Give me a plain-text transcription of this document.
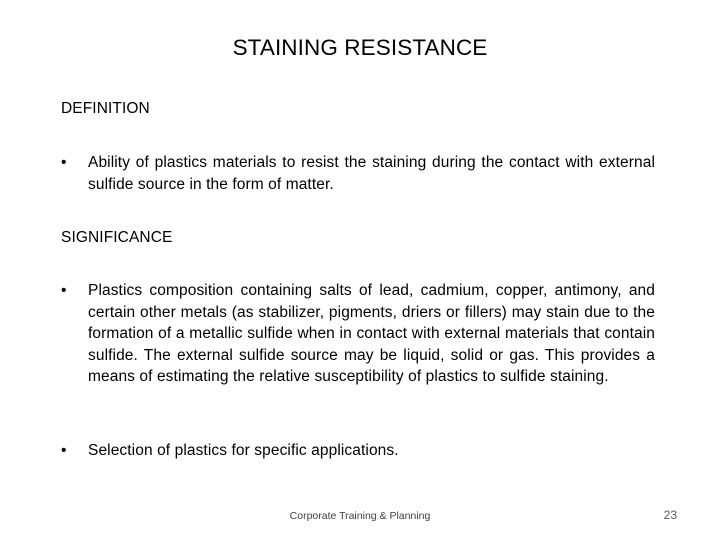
STAINING RESISTANCE
DEFINITION
•	Ability of plastics materials to resist the staining during the contact with external sulfide source in the form of matter.
SIGNIFICANCE
•	Plastics composition containing salts of lead, cadmium, copper, antimony, and certain other metals (as stabilizer, pigments, driers or fillers) may stain due to the formation of a metallic sulfide when in contact with external materials that contain sulfide. The external sulfide source may be liquid, solid or gas. This provides a means of estimating the relative susceptibility of plastics to sulfide staining.
•	Selection of plastics for specific applications.
Corporate Training & Planning	23
